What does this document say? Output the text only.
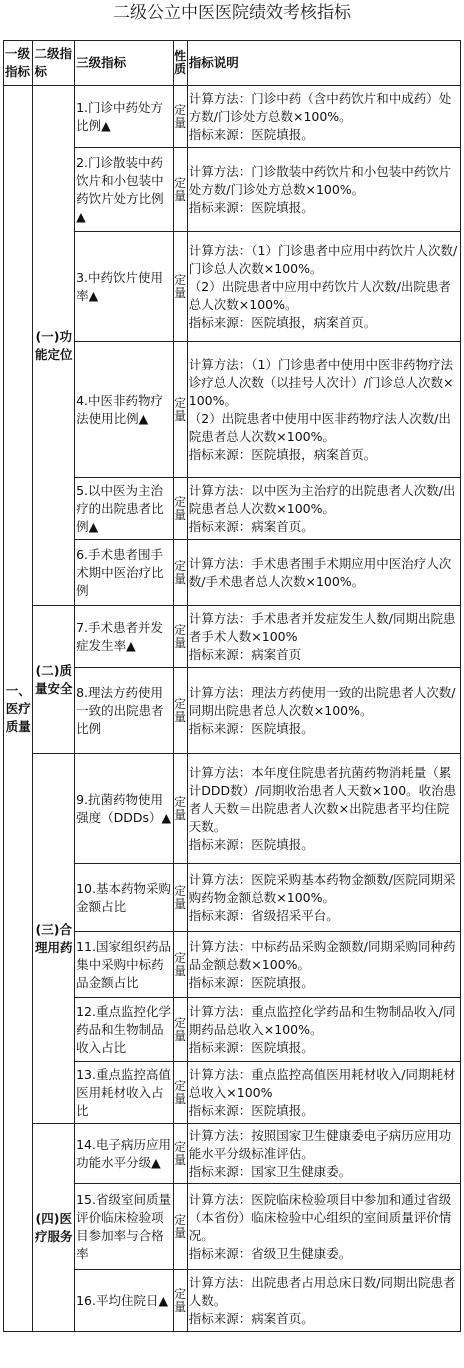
二级公立中医医院绩效考核指标
一级指标	二级指标	三级指标	性质	指标说明
一、医疗质量	(一)功能定位	1.门诊中药处方比例▲	定量	计算方法：门诊中药（含中药饮片和中成药）处方数/门诊处方总数×100%。
指标来源：医院填报。

		2.门诊散装中药饮片和小包装中药饮片处方比例▲	定量	计算方法：门诊散装中药饮片和小包装中药饮片处方数/门诊处方总数×100%。
指标来源：医院填报。

		3.中药饮片使用率▲	定量	计算方法：（1）门诊患者中应用中药饮片人次数/门诊总人次数×100%。
（2）出院患者中应用中药饮片人次数/出院患者总人次数×100%。
指标来源：医院填报，病案首页。

		4.中医非药物疗法使用比例▲	定量	计算方法：（1）门诊患者中使用中医非药物疗法诊疗总人次数（以挂号人次计）/门诊总人次数×100%。
（2）出院患者中使用中医非药物疗法人次数/出院患者总人次数×100%。
指标来源：医院填报，病案首页。

		5.以中医为主治疗的出院患者比例▲	定量	计算方法：以中医为主治疗的出院患者人次数/出院患者总人次数×100%。
指标来源：病案首页。

		6.手术患者围手术期中医治疗比例	定量	计算方法：手术患者围手术期应用中医治疗人次数/手术患者总人次数×100%。

	(二)质量安全	7.手术患者并发症发生率▲	定量	计算方法：手术患者并发症发生人数/同期出院患者手术人数×100%
指标来源：病案首页

		8.理法方药使用一致的出院患者比例	定量	计算方法：理法方药使用一致的出院患者人次数/同期出院患者总人次数×100%。
指标来源：医院填报。

	(三)合理用药	9.抗菌药物使用强度（DDDs）▲	定量	计算方法：本年度住院患者抗菌药物消耗量（累计DDD数）/同期收治患者人天数×100。收治患者人天数＝出院患者人次数×出院患者平均住院天数。
指标来源：医院填报。

		10.基本药物采购金额占比	定量	计算方法：医院采购基本药物金额数/医院同期采购药物金额总数×100%。
指标来源：省级招采平台。

		11.国家组织药品集中采购中标药品金额占比	定量	计算方法：中标药品采购金额数/同期采购同种药品金额总数×100%。
指标来源：医院填报。

		12.重点监控化学药品和生物制品收入占比	定量	计算方法：重点监控化学药品和生物制品收入/同期药品总收入×100%。
指标来源：医院填报。

		13.重点监控高值医用耗材收入占比	定量	计算方法：重点监控高值医用耗材收入/同期耗材总收入×100%
指标来源：医院填报。

	(四)医疗服务	14.电子病历应用功能水平分级▲	定量	计算方法：按照国家卫生健康委电子病历应用功能水平分级标准评估。
指标来源：国家卫生健康委。

		15.省级室间质量评价临床检验项目参加率与合格率	定量	计算方法：医院临床检验项目中参加和通过省级（本省份）临床检验中心组织的室间质量评价情况。
指标来源：省级卫生健康委。

		16.平均住院日▲	定量	计算方法：出院患者占用总床日数/同期出院患者人数。
指标来源：病案首页。
